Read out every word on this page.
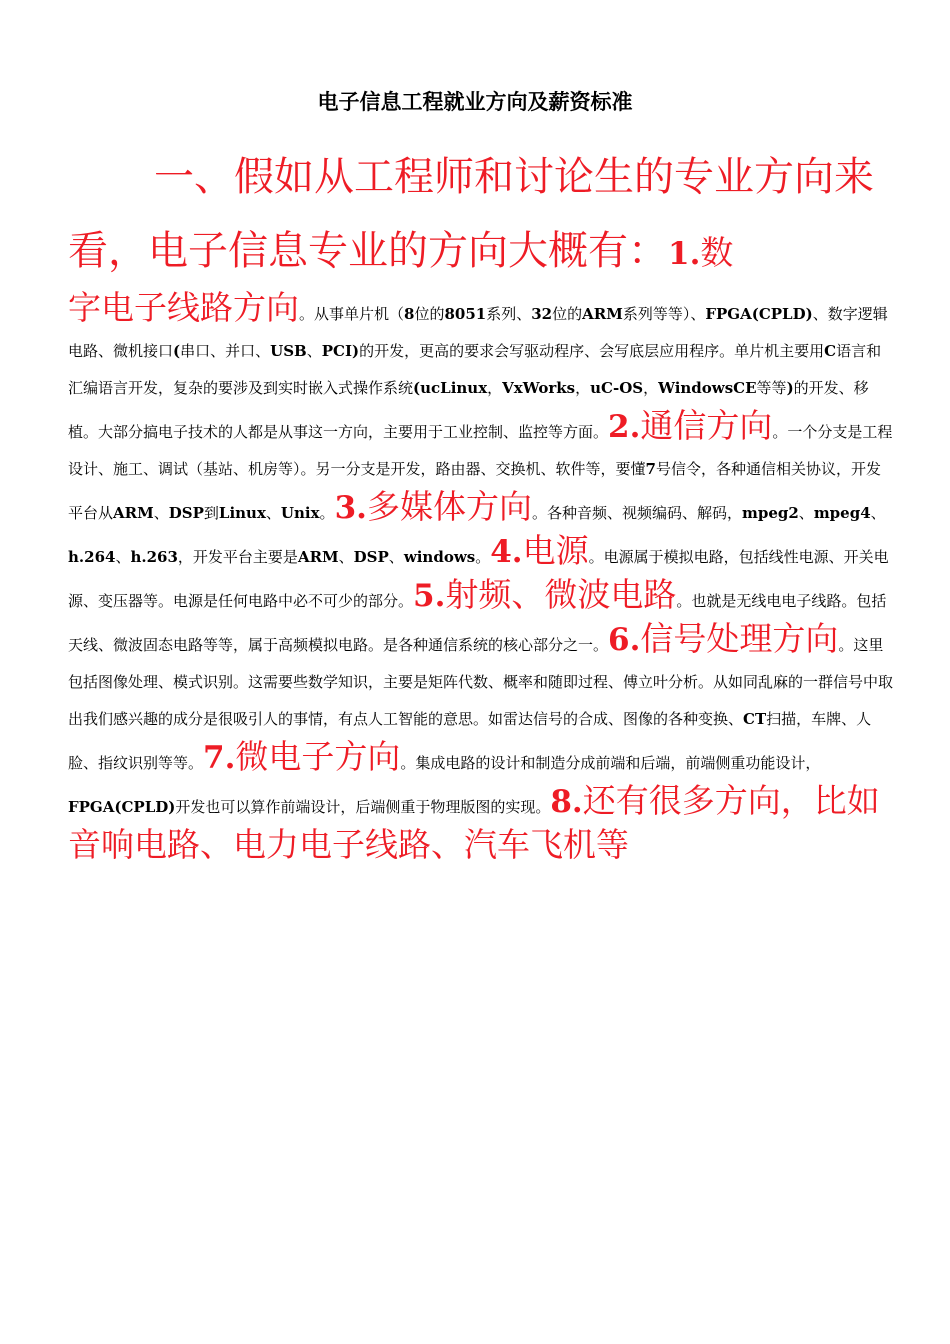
电子信息工程就业方向及薪资标准
一、假如从工程师和讨论生的专业方向来看，电子信息专业的方向大概有：1.数
字电子线路方向。从事单片机（8位的8051系列、32位的ARM系列等等）、FPGA(CPLD)、数字逻辑电路、微机接口(串口、并口、USB、PCI)的开发，更高的要求会写驱动程序、会写底层应用程序。单片机主要用C语言和汇编语言开发，复杂的要涉及到实时嵌入式操作系统(ucLinux，VxWorks，uC-OS，WindowsCE等等)的开发、移植。大部分搞电子技术的人都是从事这一方向，主要用于工业控制、监控等方面。2.通信方向。一个分支是工程设计、施工、调试（基站、机房等）。另一分支是开发，路由器、交换机、软件等，要懂7号信令，各种通信相关协议，开发平台从ARM、DSP到Linux、Unix。3.多媒体方向。各种音频、视频编码、解码，mpeg2、mpeg4、h.264、h.263，开发平台主要是ARM、DSP、windows。4.电源。电源属于模拟电路，包括线性电源、开关电源、变压器等。电源是任何电路中必不可少的部分。5.射频、微波电路。也就是无线电电子线路。包括天线、微波固态电路等等，属于高频模拟电路。是各种通信系统的核心部分之一。6.信号处理方向。这里包括图像处理、模式识别。这需要些数学知识，主要是矩阵代数、概率和随即过程、傅立叶分析。从如同乱麻的一群信号中取出我们感兴趣的成分是很吸引人的事情，有点人工智能的意思。如雷达信号的合成、图像的各种变换、CT扫描，车牌、人脸、指纹识别等等。7.微电子方向。集成电路的设计和制造分成前端和后端，前端侧重功能设计，FPGA(CPLD)开发也可以算作前端设计，后端侧重于物理版图的实现。8.还有很多方向，比如音响电路、电力电子线路、汽车飞机等
